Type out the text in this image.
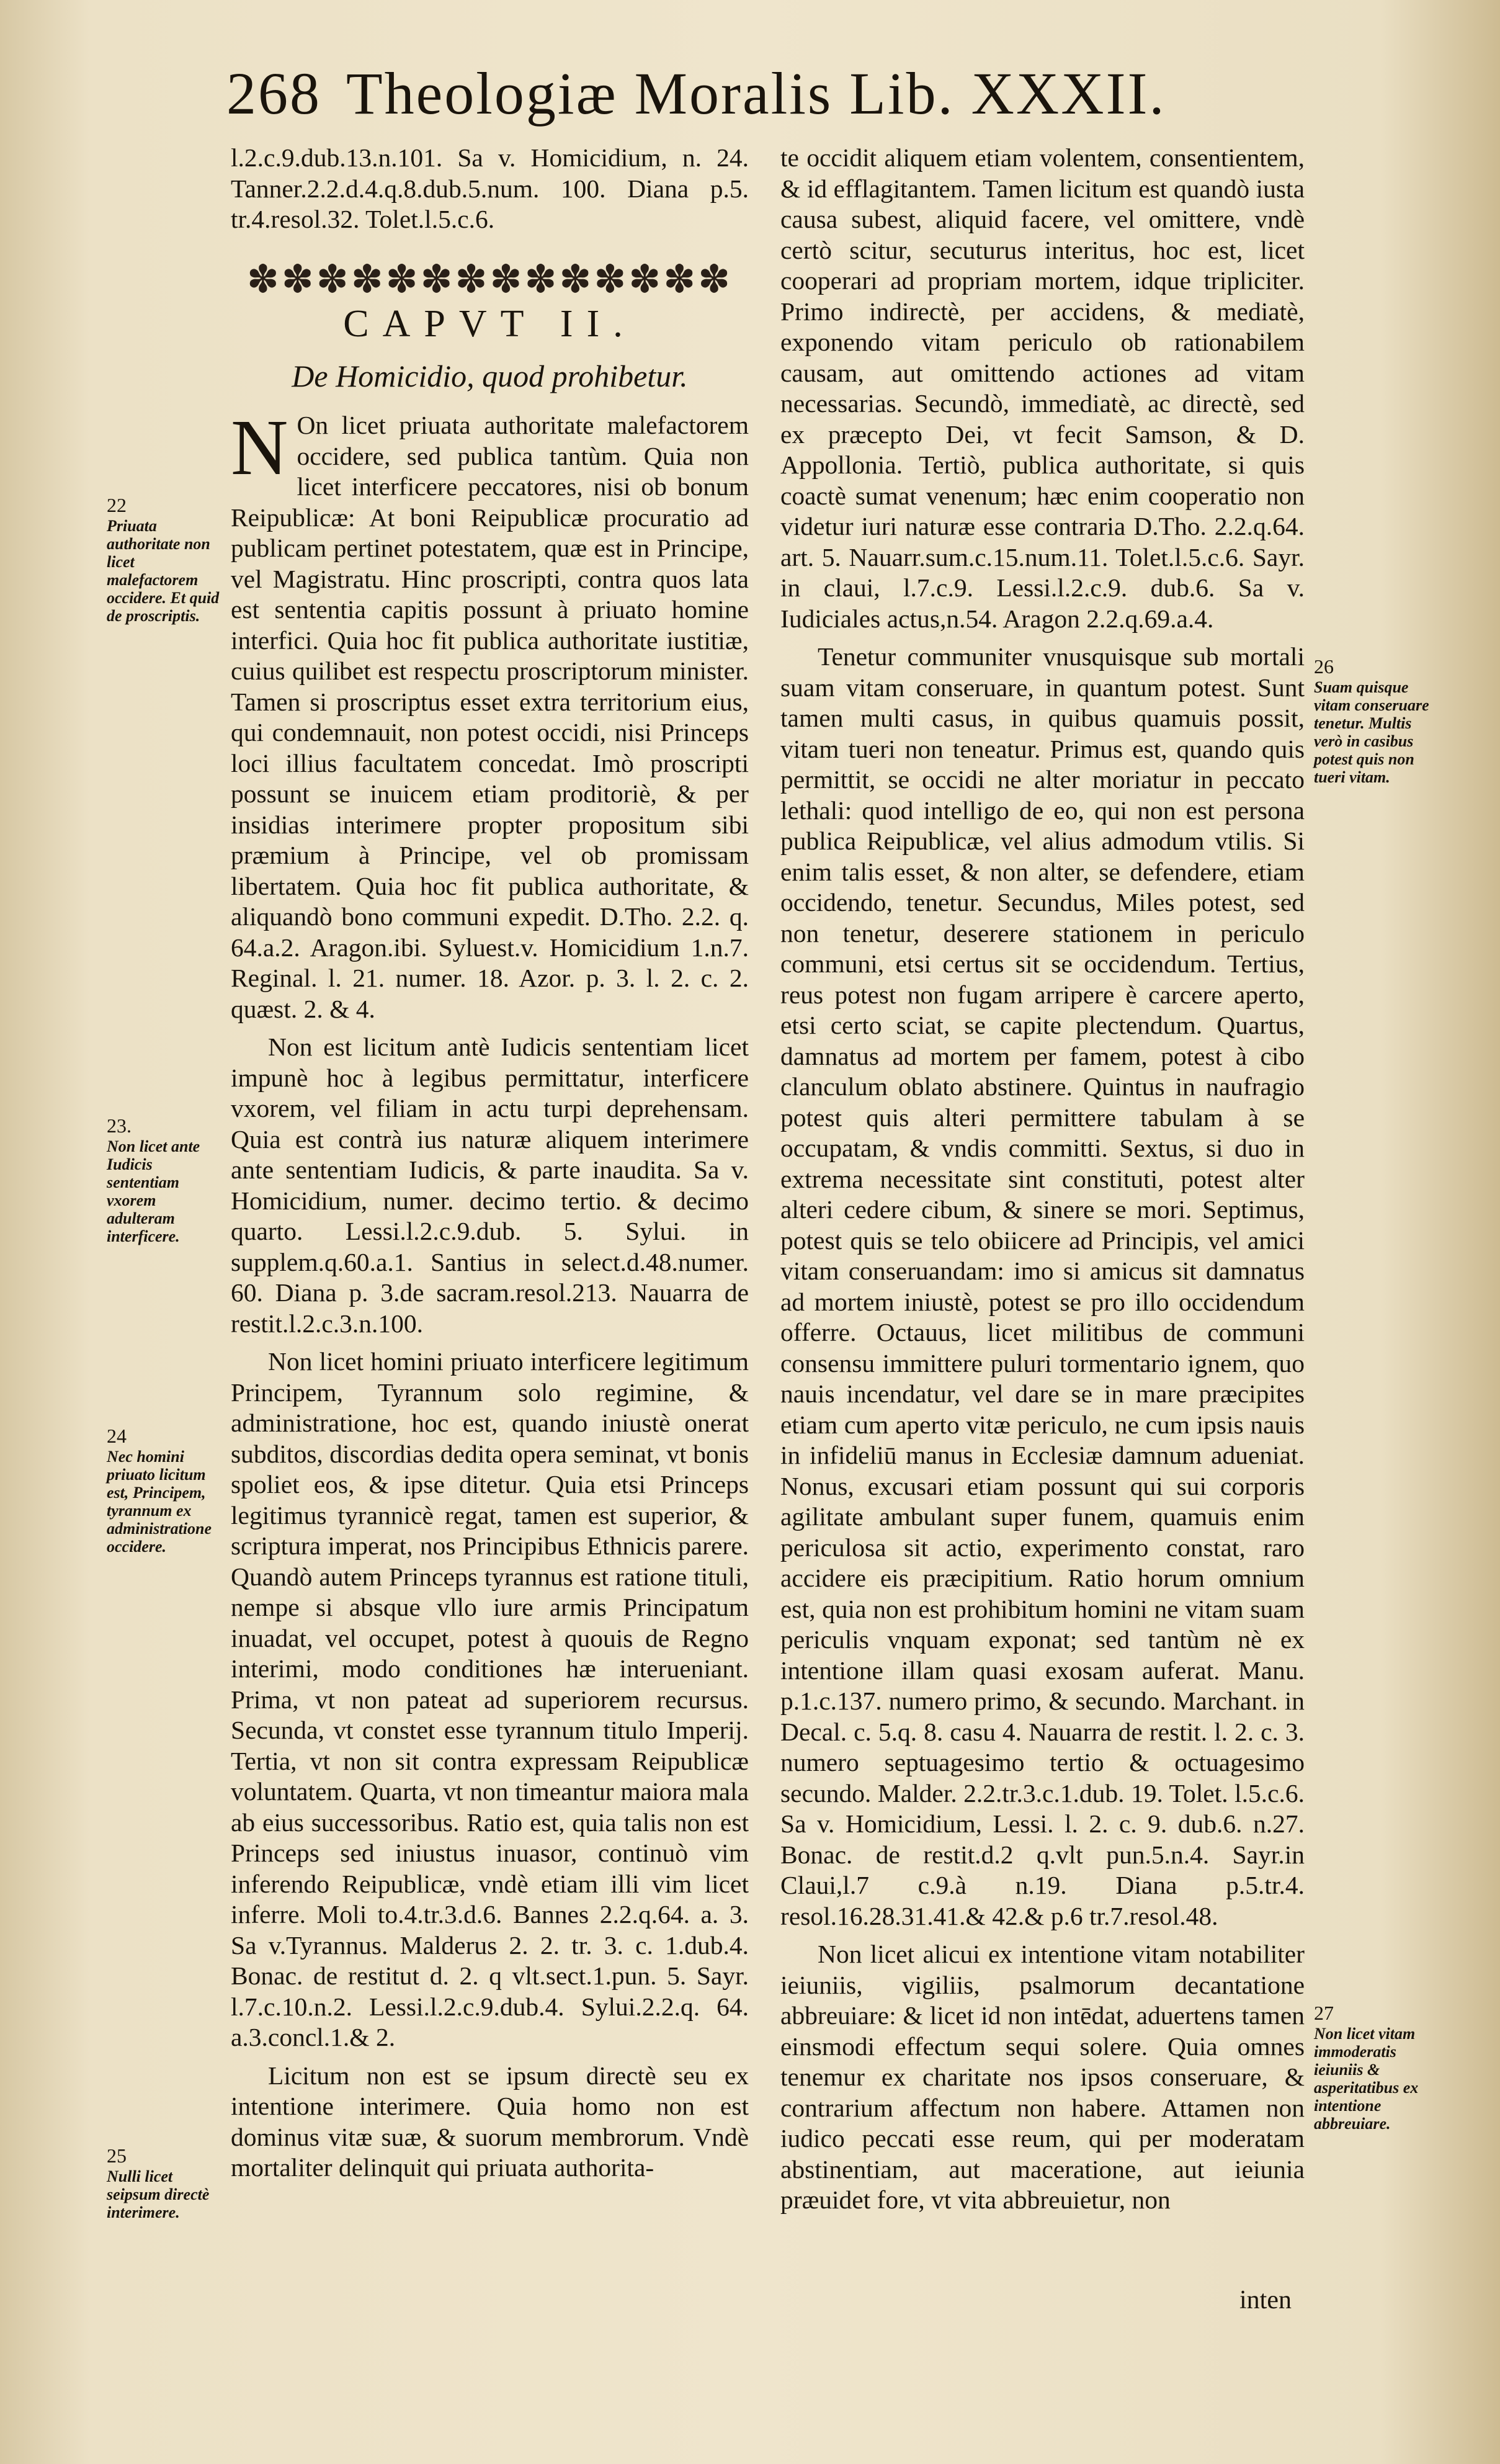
268 Theologiæ Moralis Lib. XXXII.

l.2.c.9.dub.13.n.101. Sa v. Homicidium, n. 24. Tanner.2.2.d.4.q.8.dub.5.num. 100. Diana p.5. tr.4.resol.32. Tolet.l.5.c.6.

✽✽✽✽✽✽✽✽✽✽✽✽✽✽
CAPVT II.
De Homicidio, quod prohibetur.

N On licet priuata authoritate malefactorem occidere, sed publica tantùm. Quia non licet interficere peccatores, nisi ob bonum Reipublicæ: At boni Reipublicæ procuratio ad publicam pertinet potestatem, quæ est in Principe, vel Magistratu. Hinc proscripti, contra quos lata est sententia capitis possunt à priuato homine interfici. Quia hoc fit publica authoritate iustitiæ, cuius quilibet est respectu proscriptorum minister. Tamen si proscriptus esset extra territorium eius, qui condemnauit, non potest occidi, nisi Princeps loci illius facultatem concedat. Imò proscripti possunt se inuicem etiam proditoriè, & per insidias interimere propter propositum sibi præmium à Principe, vel ob promissam libertatem. Quia hoc fit publica authoritate, & aliquandò bono communi expedit. D.Tho. 2.2. q. 64.a.2. Aragon.ibi. Syluest.v. Homicidium 1.n.7. Reginal. l. 21. numer. 18. Azor. p. 3. l. 2. c. 2. quæst. 2. & 4.

Non est licitum antè Iudicis sententiam licet impunè hoc à legibus permittatur, interficere vxorem, vel filiam in actu turpi deprehensam. Quia est contrà ius naturæ aliquem interimere ante sententiam Iudicis, & parte inaudita. Sa v. Homicidium, numer. decimo tertio. & decimo quarto. Lessi.l.2.c.9.dub. 5. Sylui. in supplem.q.60.a.1. Santius in select.d.48.numer. 60. Diana p. 3.de sacram.resol.213. Nauarra de restit.l.2.c.3.n.100.

Non licet homini priuato interficere legitimum Principem, Tyrannum solo regimine, & administratione, hoc est, quando iniustè onerat subditos, discordias dedita opera seminat, vt bonis spoliet eos, & ipse ditetur. Quia etsi Princeps legitimus tyrannicè regat, tamen est superior, & scriptura imperat, nos Principibus Ethnicis parere. Quandò autem Princeps tyrannus est ratione tituli, nempe si absque vllo iure armis Principatum inuadat, vel occupet, potest à quouis de Regno interimi, modo conditiones hæ interueniant. Prima, vt non pateat ad superiorem recursus. Secunda, vt constet esse tyrannum titulo Imperij. Tertia, vt non sit contra expressam Reipublicæ voluntatem. Quarta, vt non timeantur maiora mala ab eius successoribus. Ratio est, quia talis non est Princeps sed iniustus inuasor, continuò vim inferendo Reipublicæ, vndè etiam illi vim licet inferre. Moli to.4.tr.3.d.6. Bannes 2.2.q.64. a. 3. Sa v.Tyrannus. Malderus 2. 2. tr. 3. c. 1.dub.4. Bonac. de restitut d. 2. q vlt.sect.1.pun. 5. Sayr. l.7.c.10.n.2. Lessi.l.2.c.9.dub.4. Sylui.2.2.q. 64. a.3.concl.1.& 2.

Licitum non est se ipsum directè seu ex intentione interimere. Quia homo non est dominus vitæ suæ, & suorum membrorum. Vndè mortaliter delinquit qui priuata authorita-

te occidit aliquem etiam volentem, consentientem, & id efflagitantem. Tamen licitum est quandò iusta causa subest, aliquid facere, vel omittere, vndè certò scitur, secuturus interitus, hoc est, licet cooperari ad propriam mortem, idque tripliciter. Primo indirectè, per accidens, & mediatè, exponendo vitam periculo ob rationabilem causam, aut omittendo actiones ad vitam necessarias. Secundò, immediatè, ac directè, sed ex præcepto Dei, vt fecit Samson, & D. Appollonia. Tertiò, publica authoritate, si quis coactè sumat venenum; hæc enim cooperatio non videtur iuri naturæ esse contraria D.Tho. 2.2.q.64. art. 5. Nauarr.sum.c.15.num.11. Tolet.l.5.c.6. Sayr. in claui, l.7.c.9. Lessi.l.2.c.9. dub.6. Sa v. Iudiciales actus,n.54. Aragon 2.2.q.69.a.4.

Tenetur communiter vnusquisque sub mortali suam vitam conseruare, in quantum potest. Sunt tamen multi casus, in quibus quamuis possit, vitam tueri non teneatur. Primus est, quando quis permittit, se occidi ne alter moriatur in peccato lethali: quod intelligo de eo, qui non est persona publica Reipublicæ, vel alius admodum vtilis. Si enim talis esset, & non alter, se defendere, etiam occidendo, tenetur. Secundus, Miles potest, sed non tenetur, deserere stationem in periculo communi, etsi certus sit se occidendum. Tertius, reus potest non fugam arripere è carcere aperto, etsi certo sciat, se capite plectendum. Quartus, damnatus ad mortem per famem, potest à cibo clanculum oblato abstinere. Quintus in naufragio potest quis alteri permittere tabulam à se occupatam, & vndis committi. Sextus, si duo in extrema necessitate sint constituti, potest alter alteri cedere cibum, & sinere se mori. Septimus, potest quis se telo obiicere ad Principis, vel amici vitam conseruandam: imo si amicus sit damnatus ad mortem iniustè, potest se pro illo occidendum offerre. Octauus, licet militibus de communi consensu immittere puluri tormentario ignem, quo nauis incendatur, vel dare se in mare præcipites etiam cum aperto vitæ periculo, ne cum ipsis nauis in infideliū manus in Ecclesiæ damnum adueniat. Nonus, excusari etiam possunt qui sui corporis agilitate ambulant super funem, quamuis enim periculosa sit actio, experimento constat, raro accidere eis præcipitium. Ratio horum omnium est, quia non est prohibitum homini ne vitam suam periculis vnquam exponat; sed tantùm nè ex intentione illam quasi exosam auferat. Manu. p.1.c.137. numero primo, & secundo. Marchant. in Decal. c. 5.q. 8. casu 4. Nauarra de restit. l. 2. c. 3. numero septuagesimo tertio & octuagesimo secundo. Malder. 2.2.tr.3.c.1.dub. 19. Tolet. l.5.c.6. Sa v. Homicidium, Lessi. l. 2. c. 9. dub.6. n.27. Bonac. de restit.d.2 q.vlt pun.5.n.4. Sayr.in Claui,l.7 c.9.à n.19. Diana p.5.tr.4. resol.16.28.31.41.& 42.& p.6 tr.7.resol.48.

Non licet alicui ex intentione vitam notabiliter ieiuniis, vigiliis, psalmorum decantatione abbreuiare: & licet id non intēdat, aduertens tamen einsmodi effectum sequi solere. Quia omnes tenemur ex charitate nos ipsos conseruare, & contrarium affectum non habere. Attamen non iudico peccati esse reum, qui per moderatam abstinentiam, aut maceratione, aut ieiunia præuidet fore, vt vita abbreuietur, non

inten
22
Priuata authoritate non licet malefactorem occidere. Et quid de proscriptis.
23.
Non licet ante Iudicis sententiam vxorem adulteram interficere.
24
Nec homini priuato licitum est, Principem, tyrannum ex administratione occidere.
25
Nulli licet seipsum directè interimere.
26
Suam quisque vitam conseruare tenetur. Multis verò in casibus potest quis non tueri vitam.
27
Non licet vitam immoderatis ieiuniis & asperitatibus ex intentione abbreuiare.
